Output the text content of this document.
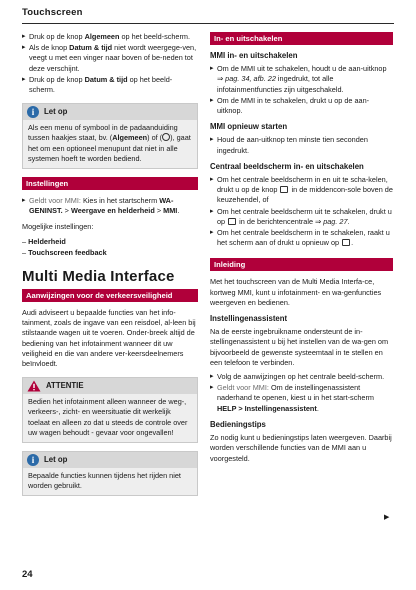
Touchscreen
▸ Druk op de knop Algemeen op het beeld-scherm.
▸ Als de knop Datum & tijd niet wordt weergege-ven, veegt u met een vinger naar boven of be-neden tot deze verschijnt.
▸ Druk op de knop Datum & tijd op het beeld-scherm.
i	Let op
Als een menu of symbool in de padaanduiding tussen haakjes staat, bv. (Algemeen) of ( ), gaat het om een optioneel menupunt dat niet in alle systemen hoeft te worden bediend.
Instellingen
▸ Geldt voor MMI: Kies in het startscherm WA-GENINST. > Weergave en helderheid > MMI.

Mogelijke instellingen:

– Helderheid
– Touchscreen feedback
Multi Media Interface
Aanwijzingen voor de verkeersveiligheid

Audi adviseert u bepaalde functies van het info-tainment, zoals de ingave van een reisdoel, al-leen bij stilstaande wagen uit te voeren. Onder-breek altijd de bediening van het infotainment wanneer dit uw veiligheid en die van andere ver-keersdeelnemers beïnvloedt.

ATTENTIE
Bedien het infotainment alleen wanneer de weg-, verkeers-, zicht- en weersituatie dit werkelijk toelaat en alleen zo dat u steeds de controle over uw wagen behoudt - gevaar voor ongevallen!
i	Let op
Bepaalde functies kunnen tijdens het rijden niet worden gebruikt.
In- en uitschakelen
MMI in- en uitschakelen
▸ Om de MMI uit te schakelen, houdt u de aan-uitknop ⇒ pag. 34, afb. 22 ingedrukt, tot alle infotainmentfuncties zijn uitgeschakeld.
▸ Om de MMI in te schakelen, drukt u op de aan-uitknop.
MMI opnieuw starten
▸ Houd de aan-uitknop ten minste tien seconden ingedrukt.
Centraal beeldscherm in- en uitschakelen
▸ Om het centrale beeldscherm in en uit te scha-kelen, drukt u op de knop  in de middencon-sole boven de keuzehendel, of
▸ Om het centrale beeldscherm uit te schakelen, drukt u op  in de berichtencentrale ⇒ pag. 27.
▸ Om het centrale beeldscherm in te schakelen, raakt u het scherm aan of drukt u opnieuw op .
Inleiding

Met het touchscreen van de Multi Media Interfa-ce, kortweg MMI, kunt u infotainment- en wa-genfuncties weergeven en bedienen.

Instellingenassistent

Na de eerste ingebruikname ondersteunt de in-stellingenassistent u bij het instellen van de wa-gen om bijvoorbeeld de gewenste systeemtaal in te stellen en een telefoon te verbinden.

▸ Volg de aanwijzingen op het centrale beeld-scherm.
▸ Geldt voor MMI: Om de instellingenassistent naderhand te openen, kiest u in het start-scherm HELP > Instellingenassistent.
Bedieningstips

Zo nodig kunt u bedieningstips laten weergeven. Daarbij worden verschillende functies van de MMI aan u voorgesteld.

▶
24
